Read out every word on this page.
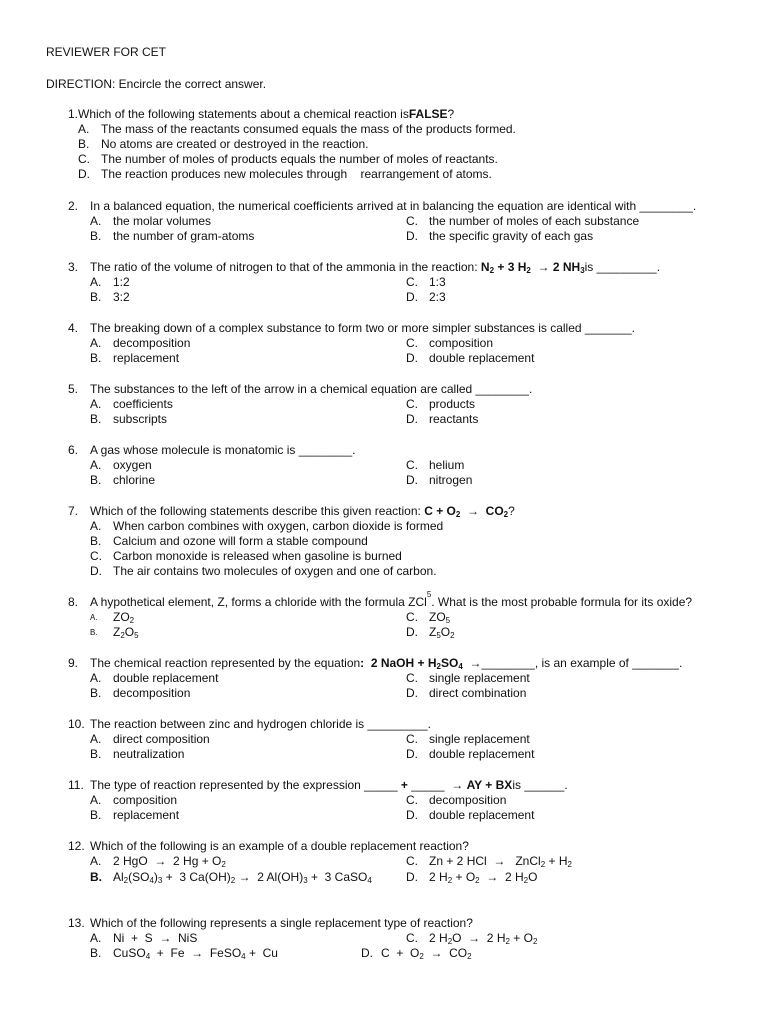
REVIEWER FOR CET
DIRECTION: Encircle the correct answer.
1. Which of the following statements about a chemical reaction is FALSE ?
A. The mass of the reactants consumed equals the mass of the products formed.
B. No atoms are created or destroyed in the reaction.
C. The number of moles of products equals the number of moles of reactants.
D. The reaction produces new molecules through    rearrangement of atoms.
2. In a balanced equation, the numerical coefficients arrived at in balancing the equation are identical with ________.
A. the molar volumes	C. the number of moles of each substance
B. the number of gram-atoms	D. the specific gravity of each gas
3. The ratio of the volume of nitrogen to that of the ammonia in the reaction:
$N_2 + 3$ $H_2 \to 2$ $NH_3$ is _________.
A. 1:2	C. 1:3
B. 3:2	D. 2:3
4. The breaking down of a complex substance to form two or more simpler substances is called _______.
A. decomposition	C. composition
B. replacement	D. double replacement
5. The substances to the left of the arrow in a chemical equation are called ________.
A. coefficients	C. products
B. subscripts	D. reactants
6. A gas whose molecule is monatomic is ________.
A. oxygen	C. helium
B. chlorine	D. nitrogen
7. Which of the following statements describe this given reaction:
$C + O_2 \to CO_2$ ?
A. When carbon combines with oxygen, carbon dioxide is formed
B. Calcium and ozone will form a stable compound
C. Carbon monoxide is released when gasoline is burned
D. The air contains two molecules of oxygen and one of carbon.
8. A hypothetical element, Z, forms a chloride with the formula ZCl
5
. What is the most probable formula for its oxide?
A.	$ZO_2$	C. $ZO_5$
B.	$Z_2O_5$	D. $Z_5O_2$
9. The chemical reaction represented by the equation :  2 NaOH + $H_2SO_4$ → ________, is an example of _______.
A. double replacement	C. single replacement
B. decomposition	D. direct combination
10. The reaction between zinc and hydrogen chloride is _________.
A. direct composition	C. single replacement
B. neutralization	D. double replacement
11. The type of reaction represented by the expression _____ + _____  → AY + BX is ______.
A. composition	C. decomposition
B. replacement	D. double replacement
12. Which of the following is an example of a double replacement reaction?
A. 2 HgO  →  2 $Hg + O_2$	C. Zn + 2 HCl  →   ZnCl$_2$ + $H_2$
B. $Al_2(SO_4)_3 + 3$ $Ca(OH)_2 \to 2$ $Al(OH)_3 + 3$ CaSO$_4$	D. 2 $H_2 + O_2 \to 2$ $H_2O$
13. Which of the following represents a single replacement type of reaction?
A. Ni  +  S  →  NiS	C. 2 $H_2O \to 2$ $H_2 + O_2$
B. CuSO$_4$  +  Fe  →  FeSO$_4$ +  Cu	D. $C + O_2 \to CO_2$
